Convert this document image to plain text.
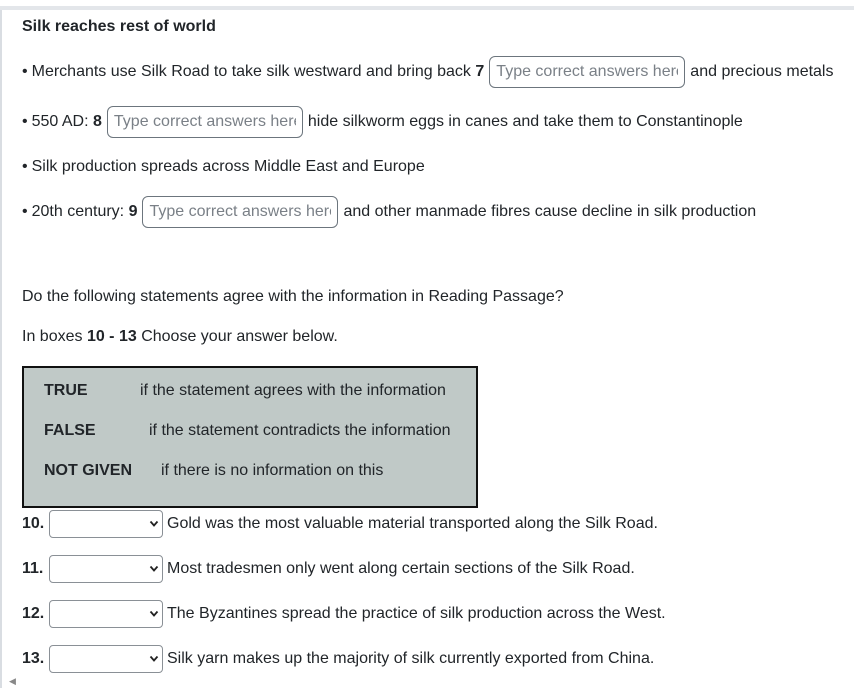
Silk reaches rest of world
• Merchants use Silk Road to take silk westward and bring back
7
Type correct answers here	and precious metals
• 550 AD:
8
Type correct answers here	hide silkworm eggs in canes and take them to Constantinople
• Silk production spreads across Middle East and Europe
• 20th century:
9
Type correct answers here	and other manmade fibres cause decline in silk production
Do the following statements agree with the information in Reading Passage?
In boxes 10 - 13 Choose your answer below.
TRUE	if the statement agrees with the information
FALSE	if the statement contradicts the information
NOT GIVEN	if there is no information on this
10.	Gold was the most valuable material transported along the Silk Road.
11.	Most tradesmen only went along certain sections of the Silk Road.
12.	The Byzantines spread the practice of silk production across the West.
13.	Silk yarn makes up the majority of silk currently exported from China.
◀
